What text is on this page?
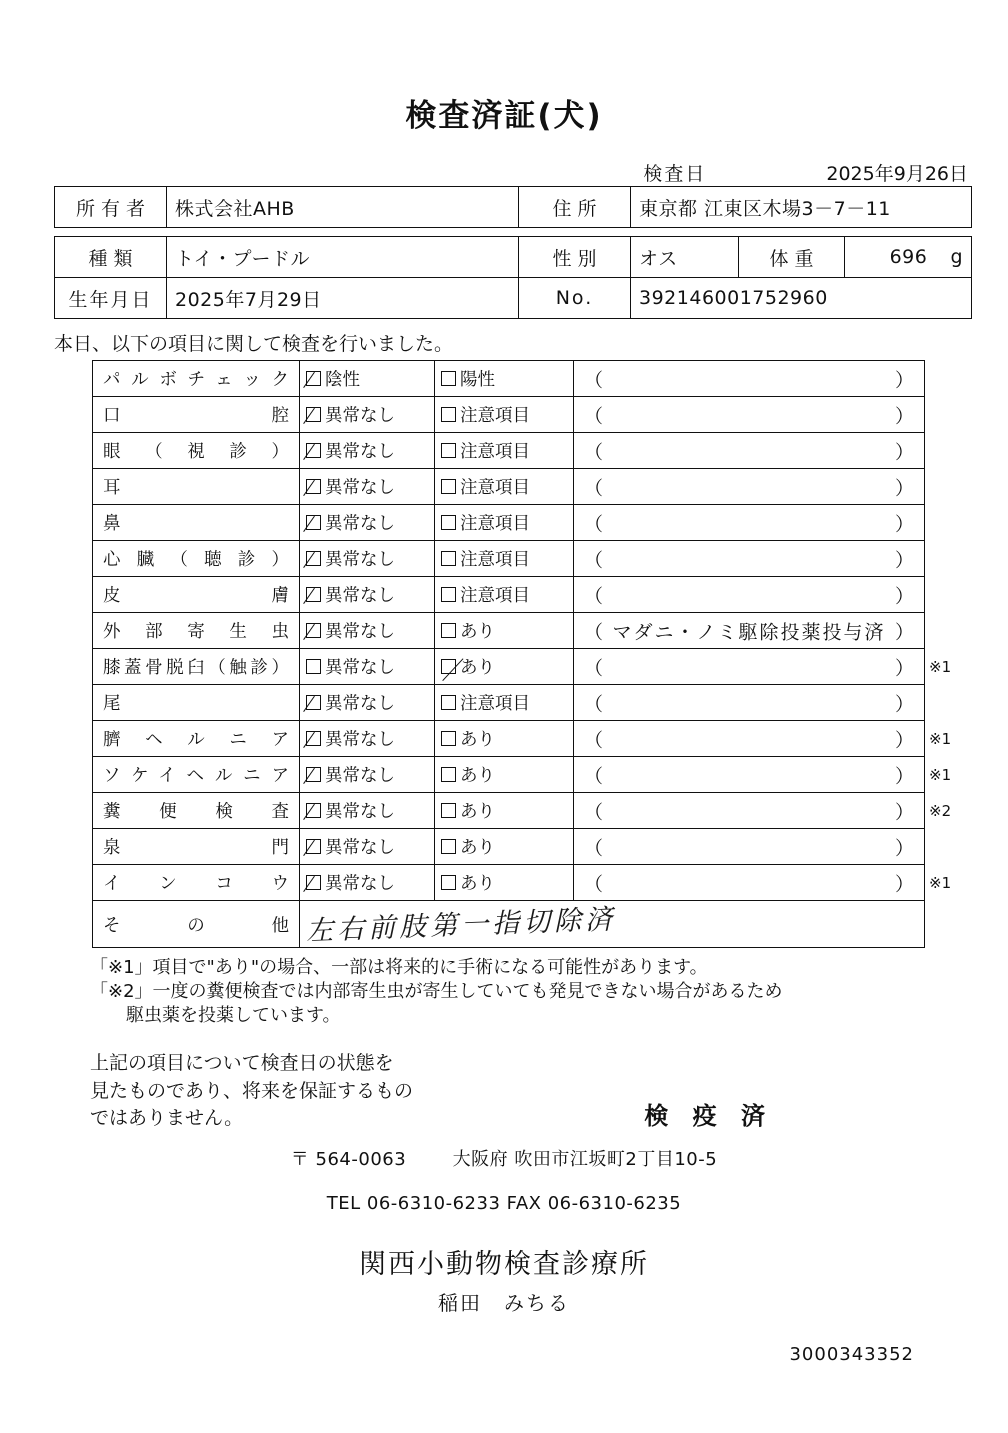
検査済証(犬)
検査日	2025年9月26日
所有者	株式会社AHB	住所	東京都 江東区木場3－7－11
種類	トイ・プードル	性別	オス	体重	696 g
生年月日	2025年7月29日	No.	392146001752960		
本日、以下の項目に関して検査を行いました。
パルボチェック	陰性	陽性	（ ）	

口腔	異常なし	注意項目	（ ）	

眼（視診）	異常なし	注意項目	（ ）	

耳	異常なし	注意項目	（ ）	

鼻	異常なし	注意項目	（ ）	

心臓（聴診）	異常なし	注意項目	（ ）	

皮膚	異常なし	注意項目	（ ）	

外部寄生虫	異常なし	あり	（ マダニ・ノミ駆除投薬投与済 ）	

膝蓋骨脱臼（触診）	異常なし	あり	（ ）	※1
尾	異常なし	注意項目	（ ）	

臍ヘルニア	異常なし	あり	（ ）	※1
ソケイヘルニア	異常なし	あり	（ ）	※1
糞便検査	異常なし	あり	（ ）	※2
泉門	異常なし	あり	（ ）	

インコウ	異常なし	あり	（ ）	※1
その他	左右前肢第一指切除済			

「※1」項目で"あり"の場合、一部は将来的に手術になる可能性があります。
「※2」一度の糞便検査では内部寄生虫が寄生していても発見できない場合があるため
駆虫薬を投薬しています。
上記の項目について検査日の状態を
見たものであり、将来を保証するもの
ではありません。	検 疫 済
〒 564-0063	大阪府 吹田市江坂町2丁目10-5
TEL 06-6310-6233 FAX 06-6310-6235
関西小動物検査診療所
稲田　みちる
3000343352
